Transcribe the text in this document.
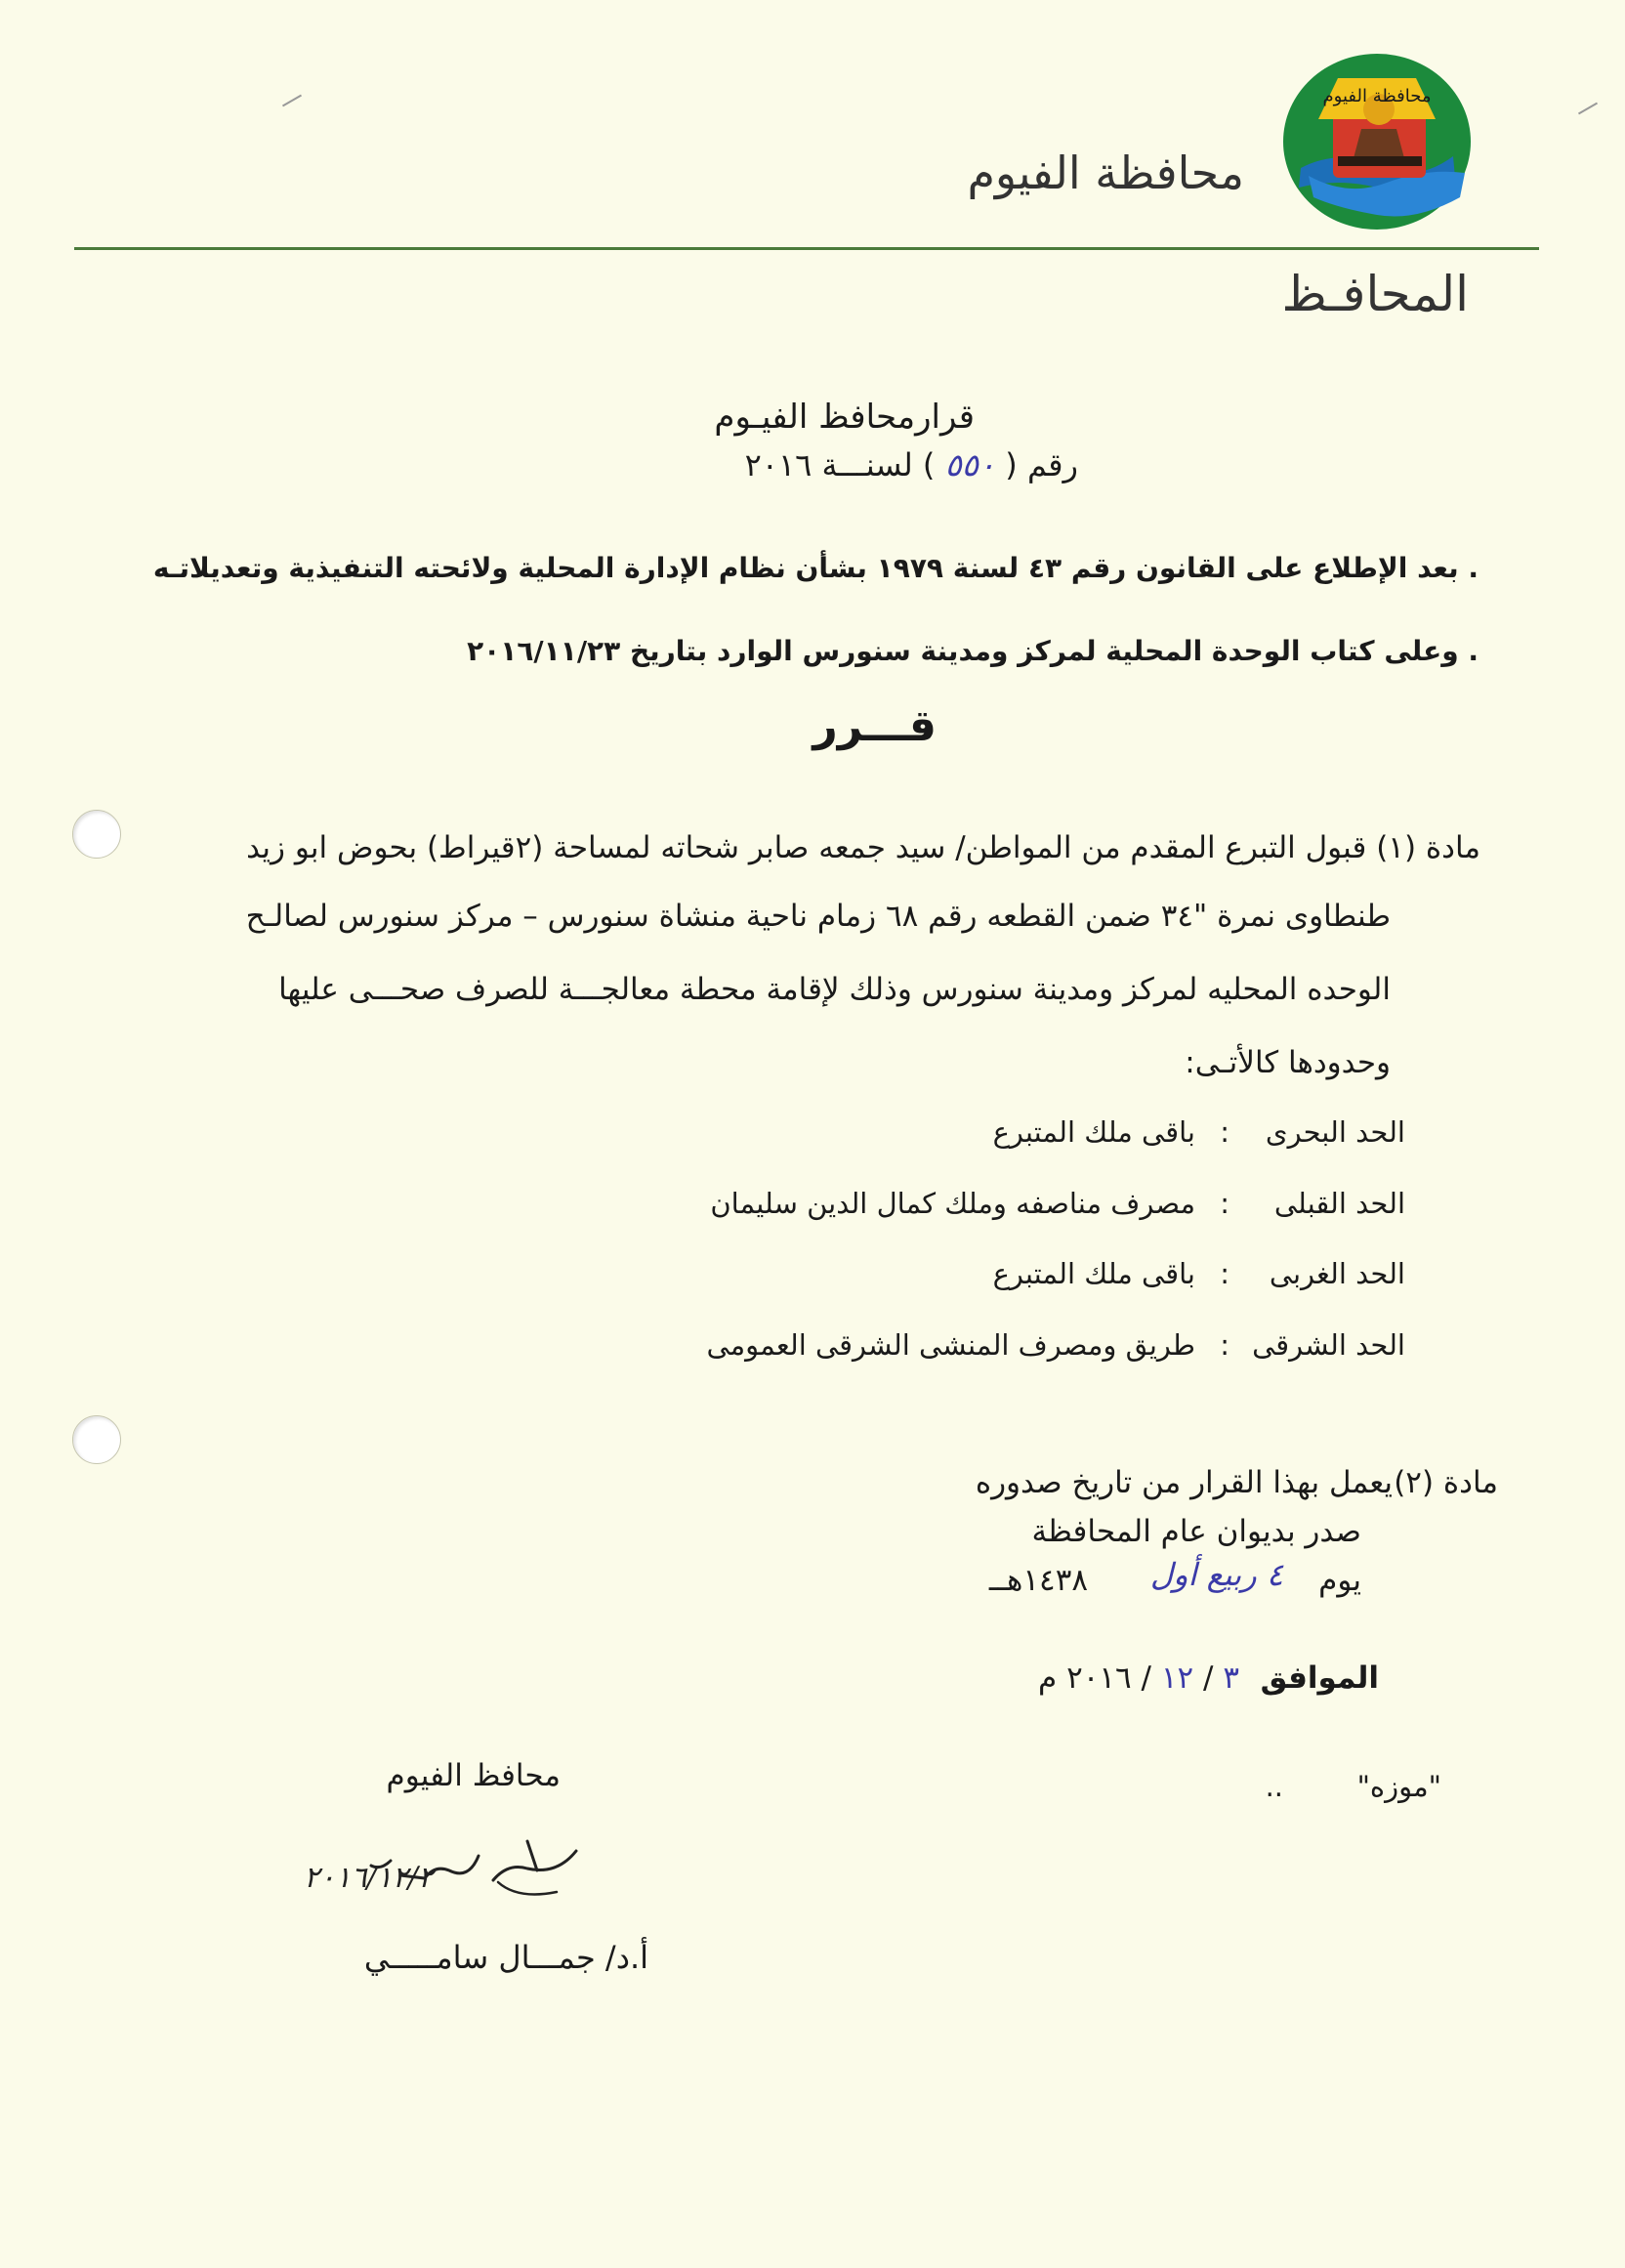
محافظة الفيوم
محافظة الفيوم
المحافـظ
قرارمحافظ الفيـوم
رقم ( ٥٥٠ ) لسنـــة ٢٠١٦
. بعد الإطلاع على القانون رقم ٤٣ لسنة ١٩٧٩ بشأن نظام الإدارة المحلية ولائحته التنفيذية وتعديلاتـه
. وعلى كتاب الوحدة المحلية لمركز ومدينة سنورس الوارد بتاريخ ٢٠١٦/١١/٢٣
قـــرر
مادة (١) قبول التبرع المقدم من المواطن/ سيد جمعه صابر شحاته لمساحة (٢قيراط) بحوض ابو زيد
طنطاوى نمرة "٣٤ ضمن القطعه رقم ٦٨ زمام ناحية منشاة سنورس – مركز سنورس لصالـح
الوحده المحليه لمركز ومدينة سنورس وذلك لإقامة محطة معالجـــة للصرف صحـــى عليها
وحدودها كالأتـى:
الحد البحرى
:
باقى ملك المتبرع
الحد القبلى
:
مصرف مناصفه وملك كمال الدين سليمان
الحد الغربى
:
باقى ملك المتبرع
الحد الشرقى
:
طريق ومصرف المنشى الشرقى العمومى
مادة (٢)
يعمل بهذا القرار من تاريخ صدوره
صدر بديوان عام المحافظة
يوم
٤ ربيع أول
١٤٣٨هــ
الموافق
٣ / ١٢ / ٢٠١٦ م
محافظ الفيوم	"موزه"
..
٢٠١٦/١٢/٢
أ.د/ جمـــال سامـــــي
